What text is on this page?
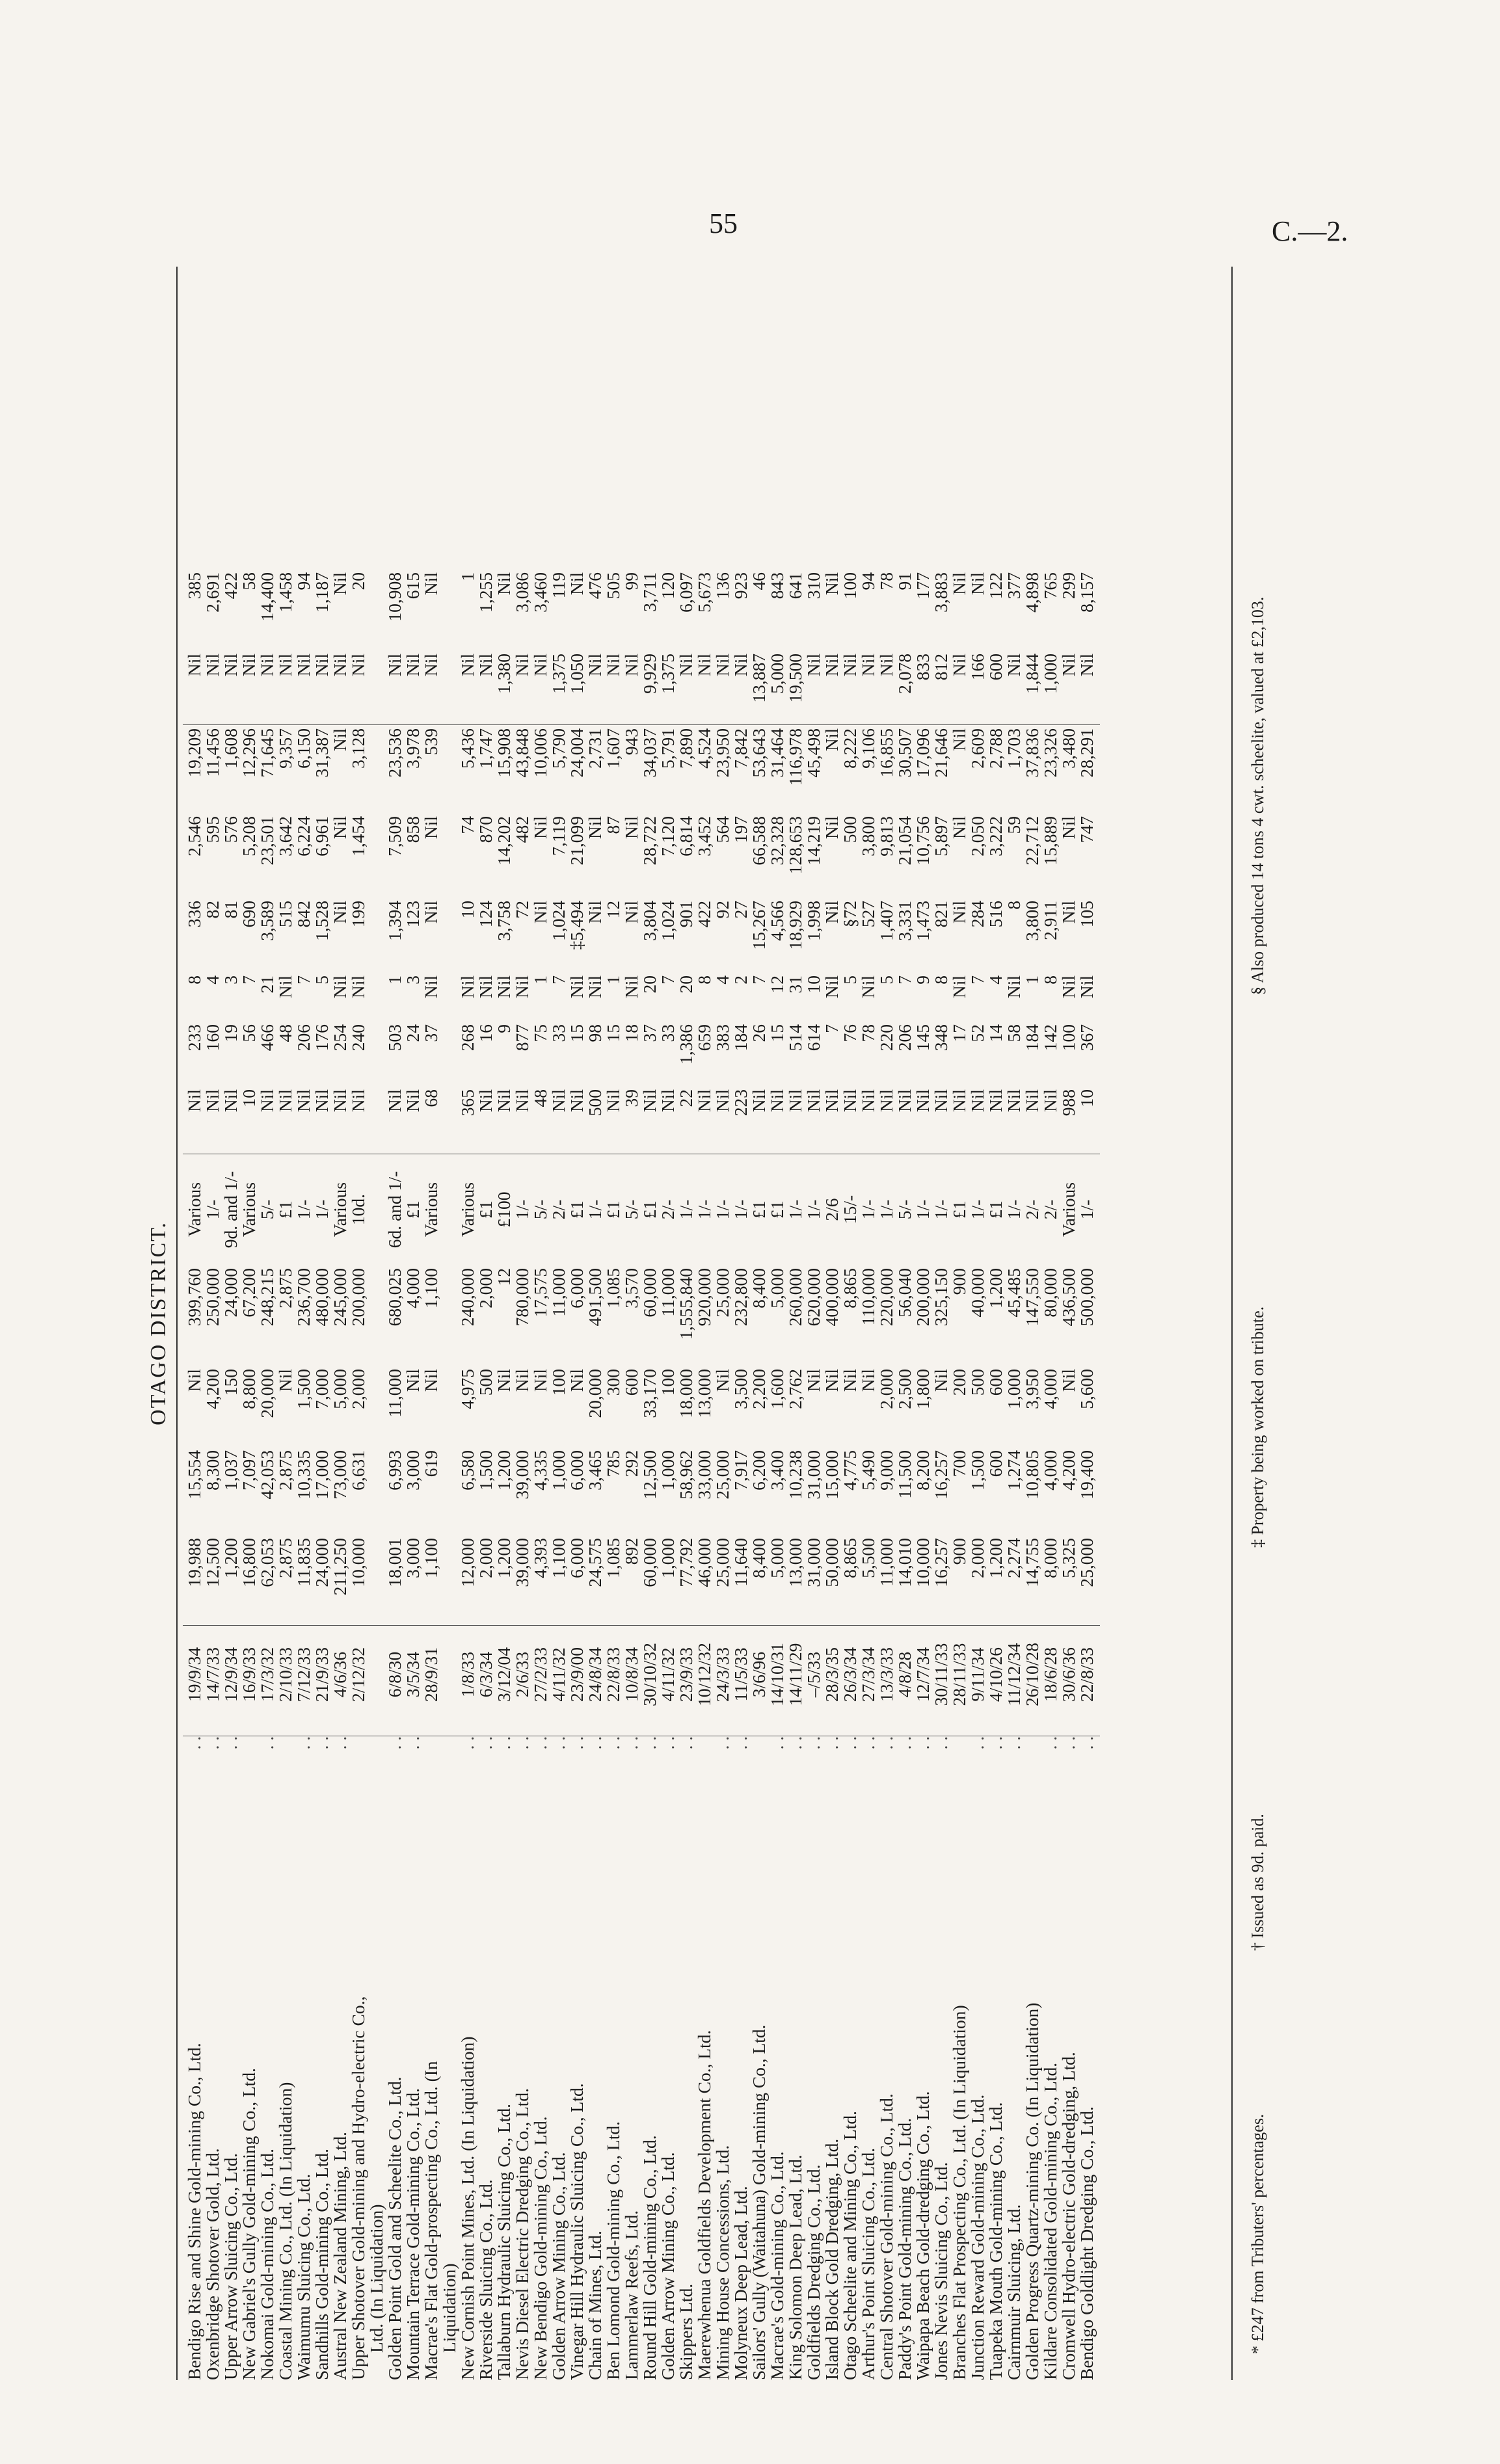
55	C.—2.
OTAGO DISTRICT.
Bendigo Rise and Shine Gold-mining Co., Ltd.
Oxenbridge Shotover Gold, Ltd.
Upper Arrow Sluicing Co., Ltd.
New Gabriel's Gully Gold-mining Co., Ltd.
Nokomai Gold-mining Co., Ltd.
Coastal Mining Co., Ltd. (In Liquidation)
Waimumu Sluicing Co., Ltd.
Sandhills Gold-mining Co., Ltd.
Austral New Zealand Mining, Ltd.
Upper Shotover Gold-mining and Hydro-electric Co.,
Ltd. (In Liquidation)
Golden Point Gold and Scheelite Co., Ltd.
Mountain Terrace Gold-mining Co., Ltd.
Macrae's Flat Gold-prospecting Co., Ltd. (In
Liquidation)
New Cornish Point Mines, Ltd. (In Liquidation)
Riverside Sluicing Co., Ltd.
Tallaburn Hydraulic Sluicing Co., Ltd.
Nevis Diesel Electric Dredging Co., Ltd.
New Bendigo Gold-mining Co., Ltd.
Golden Arrow Mining Co., Ltd.
Vinegar Hill Hydraulic Sluicing Co., Ltd.
Chain of Mines, Ltd.
Ben Lomond Gold-mining Co., Ltd.
Lammerlaw Reefs, Ltd.
Round Hill Gold-mining Co., Ltd.
Golden Arrow Mining Co., Ltd.
Skippers Ltd.
Maerewhenua Goldfields Development Co., Ltd.
Mining House Concessions, Ltd.
Molyneux Deep Lead, Ltd.
Sailors' Gully (Waitahuna) Gold-mining Co., Ltd.
Macrae's Gold-mining Co., Ltd.
King Solomon Deep Lead, Ltd.
Goldfields Dredging Co., Ltd.
Island Block Gold Dredging, Ltd.
Otago Scheelite and Mining Co., Ltd.
Arthur's Point Sluicing Co., Ltd.
Central Shotover Gold-mining Co., Ltd.
Paddy's Point Gold-mining Co., Ltd.
Waipapa Beach Gold-dredging Co., Ltd.
Jones Nevis Sluicing Co., Ltd.
Branches Flat Prospecting Co., Ltd. (In Liquidation)
Junction Reward Gold-mining Co., Ltd.
Tuapeka Mouth Gold-mining Co., Ltd.
Cairnmuir Sluicing, Ltd.
Golden Progress Quartz-mining Co. (In Liquidation)
Kildare Consolidated Gold-mining Co., Ltd.
Cromwell Hydro-electric Gold-dredging, Ltd.
Bendigo Goldlight Dredging Co., Ltd.
. .
. .
. . . . . .
. .
. . . .
. . . .
. .
. .
. .
. .
. .
. .
. .
. .
. .
. .
. .
. . . .
. . . .
. .
. .
. .
. .
. .
. .
. .
. .
. . . .
. .
. . . .
. .
. .
19/9/34
14/7/33
12/9/34
16/9/33
17/3/32
2/10/33
7/12/33
21/9/33
4/6/36
2/12/32 6/8/30
3/5/34
28/9/31 1/8/33
6/3/34
3/12/04
2/6/33
27/2/33
4/11/32
23/9/00
24/8/34
22/8/33
10/8/34
30/10/32
4/11/32
23/9/33
10/12/32
24/3/33
11/5/33
3/6/96
14/10/31
14/11/29
–/5/33
28/3/35
26/3/34
27/3/34
13/3/33
4/8/28
12/7/34
30/11/33
28/11/33
9/11/34
4/10/26
11/12/34
26/10/28
18/6/28
30/6/36
22/8/33
19,988
12,500
1,200
16,800
62,053
2,875
11,835
24,000
211,250
10,000 18,001
3,000
1,100 12,000
2,000
1,200
39,000
4,393
1,100
6,000
24,575
1,085
892
60,000
1,000
77,792
46,000
25,000
11,640
8,400
5,000
13,000
31,000
50,000
8,865
5,500
11,000
14,010
10,000
16,257
900
2,000
1,200
2,274
14,755
8,000
5,325
25,000
15,554
8,300
1,037
7,097
42,053
2,875
10,335
17,000
73,000
6,631 6,993
3,000
619 6,580
1,500
1,200
39,000
4,335
1,000
6,000
3,465
785
292
12,500
1,000
58,962
33,000
25,000
7,917
6,200
3,400
10,238
31,000
15,000
4,775
5,490
9,000
11,500
8,200
16,257
700
1,500
600
1,274
10,805
4,000
4,200
19,400
Nil
4,200
150
8,800
20,000
Nil
1,500
7,000
5,000
2,000 11,000
Nil
Nil 4,975
500
Nil
Nil
Nil
100
Nil
20,000
300
600
33,170
100
18,000
13,000
Nil
3,500
2,200
1,600
2,762
Nil
Nil
Nil
Nil
2,000
2,500
1,800
Nil
200
500
600
1,000
3,950
4,000
Nil
5,600
399,760
250,000
24,000
67,200
248,215
2,875
236,700
480,000
245,000
200,000 680,025
4,000
1,100 240,000
2,000
12
780,000
17,575
11,000
6,000
491,500
1,085
3,570
60,000
11,000
1,555,840
920,000
25,000
232,800
8,400
5,000
260,000
620,000
400,000
8,865
110,000
220,000
56,040
200,000
325,150
900
40,000
1,200
45,485
147,550
80,000
436,500
500,000
Various
1/-
9d. and 1/-
Various
5/-
£1
1/-
1/-
Various
10d. 6d. and 1/-
£1
Various Various
£1
£100
1/-
5/-
2/-
£1
1/-
£1
5/-
£1
2/-
1/-
1/-
1/-
1/-
£1
£1
1/-
1/-
2/6
15/-
1/-
1/-
5/-
1/-
1/-
£1
1/-
£1
1/-
2/-
2/-
Various
1/-
Nil
Nil
Nil
10
Nil
Nil
Nil
Nil
Nil
Nil Nil
Nil
68 365
Nil
Nil
Nil
48
Nil
Nil
500
Nil
39
Nil
Nil
22
Nil
Nil
223
Nil
Nil
Nil
Nil
Nil
Nil
Nil
Nil
Nil
Nil
Nil
Nil
Nil
Nil
Nil
Nil
Nil
988
10
233
160
19
56
466
48
206
176
254
240 503
24
37 268
16
9
877
75
33
15
98
15
18
37
33
1,386
659
383
184
26
15
514
614
7
76
78
220
206
145
348
17
52
14
58
184
142
100
367
8
4
3
7
21
Nil
7
5
Nil
Nil 1
3
Nil Nil
Nil
Nil
Nil
1
7
Nil
Nil
1
Nil
20
7
20
8
4
2
7
12
31
10
Nil
5
Nil
5
7
9
8
Nil
7
4
Nil
1
8
Nil
Nil
336
82
81
690
3,589
515
842
1,528
Nil
199 1,394
123
Nil 10
124
3,758
72
Nil
1,024
‡5,494
Nil
12
Nil
3,804
1,024
901
422
92
27
15,267
4,566
18,929
1,998
Nil
§72
527
1,407
3,331
1,473
821
Nil
284
516
8
3,800
2,911
Nil
105
2,546
595
576
5,208
23,501
3,642
6,224
6,961
Nil
1,454 7,509
858
Nil 74
870
14,202
482
Nil
7,119
21,099
Nil
87
Nil
28,722
7,120
6,814
3,452
564
197
66,588
32,328
128,653
14,219
Nil
500
3,800
9,813
21,054
10,756
5,897
Nil
2,050
3,222
59
22,712
15,889
Nil
747
19,209
11,456
1,608
12,296
71,645
9,357
6,150
31,387
Nil
3,128 23,536
3,978
539 5,436
1,747
15,908
43,848
10,006
5,790
24,004
2,731
1,607
943
34,037
5,791
7,890
4,524
23,950
7,842
53,643
31,464
116,978
45,498
Nil
8,222
9,106
16,855
30,507
17,096
21,646
Nil
2,609
2,788
1,703
37,836
23,326
3,480
28,291
Nil
Nil
Nil
Nil
Nil
Nil
Nil
Nil
Nil
Nil Nil
Nil
Nil Nil
Nil
1,380
Nil
Nil
1,375
1,050
Nil
Nil
Nil
9,929
1,375
Nil
Nil
Nil
Nil
13,887
5,000
19,500
Nil
Nil
Nil
Nil
Nil
2,078
833
812
Nil
166
600
Nil
1,844
1,000
Nil
Nil
385
2,691
422
58
14,400
1,458
94
1,187
Nil
20 10,908
615
Nil 1
1,255
Nil
3,086
3,460
119
Nil
476
505
99
3,711
120
6,097
5,673
136
923
46
843
641
310
Nil
100
94
78
91
177
3,883
Nil
Nil
122
377
4,898
765
299
8,157
* £247 from Tributers' percentages.
† Issued as 9d. paid.
‡ Property being worked on tribute.
§ Also produced 14 tons 4 cwt. scheelite, valued at £2,103.
